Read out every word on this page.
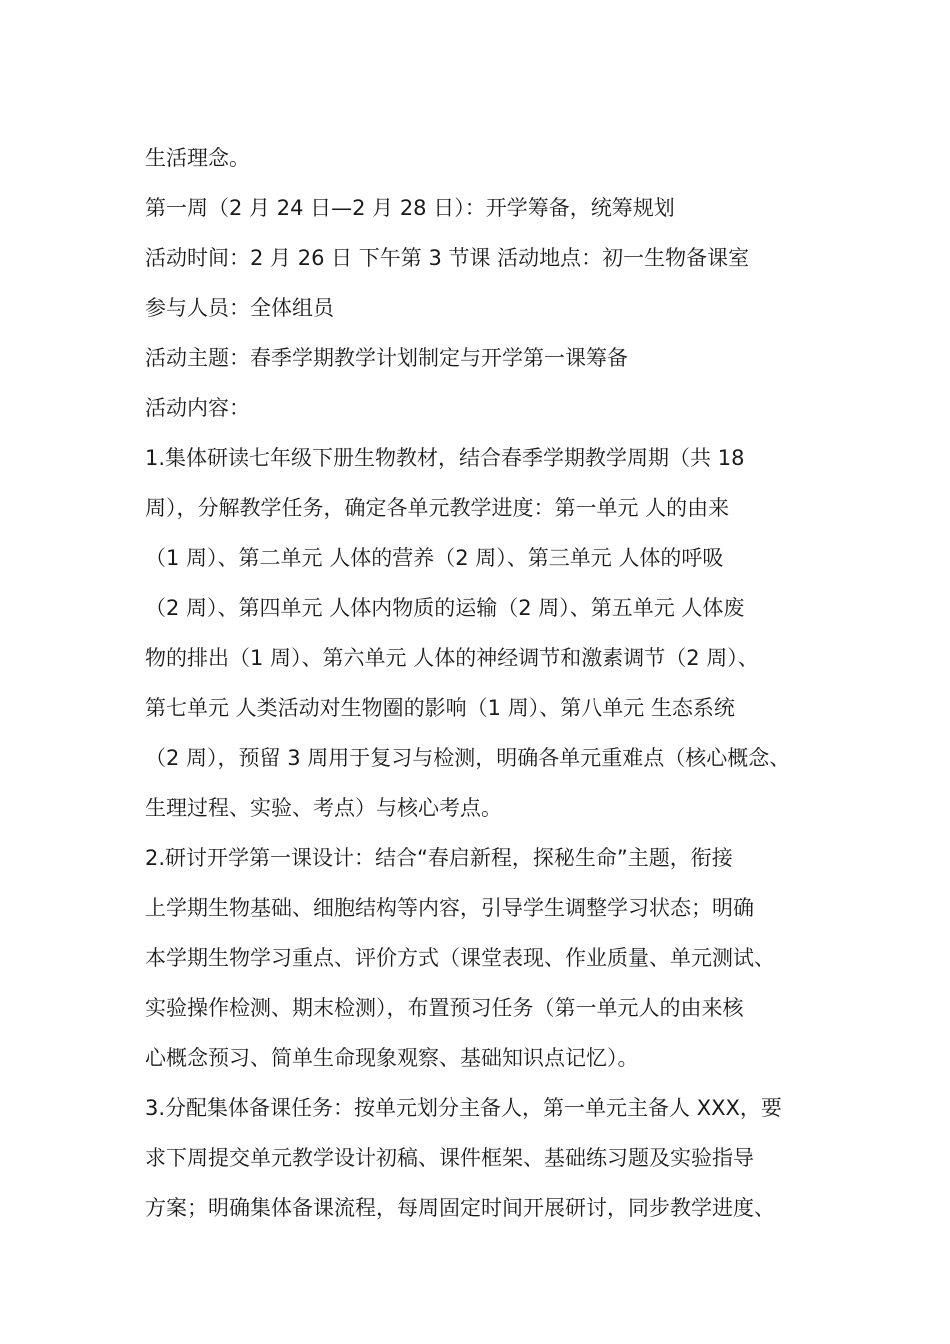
生活理念。
第一周（2 月 24 日—2 月 28 日）：开学筹备，统筹规划
活动时间：2 月 26 日 下午第 3 节课 活动地点：初一生物备课室
参与人员：全体组员
活动主题：春季学期教学计划制定与开学第一课筹备
活动内容：
1.集体研读七年级下册生物教材，结合春季学期教学周期（共 18
周），分解教学任务，确定各单元教学进度：第一单元 人的由来
（1 周）、第二单元 人体的营养（2 周）、第三单元 人体的呼吸
（2 周）、第四单元 人体内物质的运输（2 周）、第五单元 人体废
物的排出（1 周）、第六单元 人体的神经调节和激素调节（2 周）、
第七单元 人类活动对生物圈的影响（1 周）、第八单元 生态系统
（2 周），预留 3 周用于复习与检测，明确各单元重难点（核心概念、
生理过程、实验、考点）与核心考点。
2.研讨开学第一课设计：结合“春启新程，探秘生命”主题，衔接
上学期生物基础、细胞结构等内容，引导学生调整学习状态；明确
本学期生物学习重点、评价方式（课堂表现、作业质量、单元测试、
实验操作检测、期末检测），布置预习任务（第一单元人的由来核
心概念预习、简单生命现象观察、基础知识点记忆）。
3.分配集体备课任务：按单元划分主备人，第一单元主备人 XXX，要
求下周提交单元教学设计初稿、课件框架、基础练习题及实验指导
方案；明确集体备课流程，每周固定时间开展研讨，同步教学进度、
